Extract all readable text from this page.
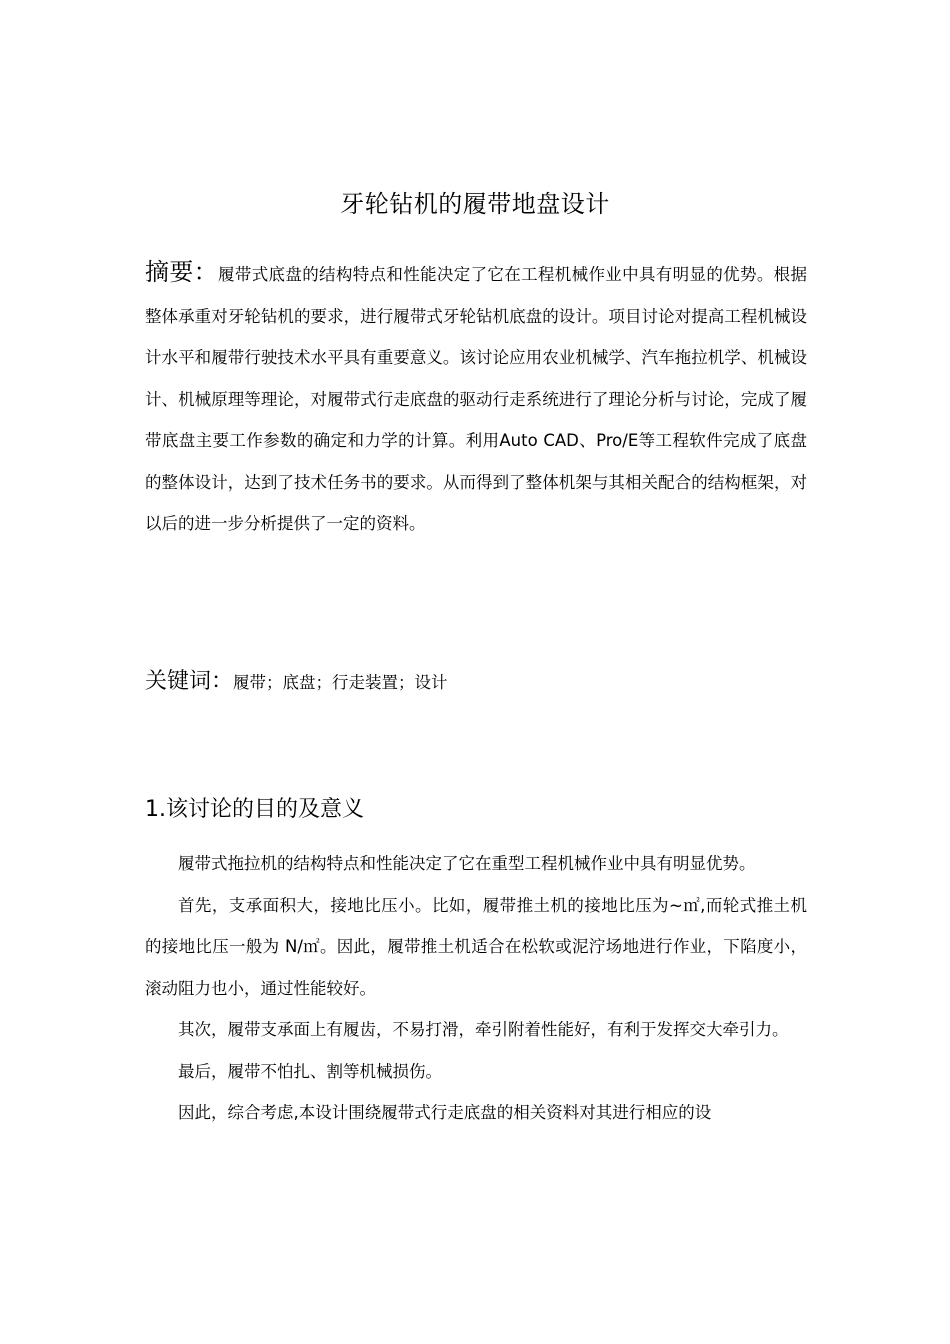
牙轮钻机的履带地盘设计
摘要：履带式底盘的结构特点和性能决定了它在工程机械作业中具有明显的优势。根据整体承重对牙轮钻机的要求，进行履带式牙轮钻机底盘的设计。项目讨论对提高工程机械设计水平和履带行驶技术水平具有重要意义。该讨论应用农业机械学、汽车拖拉机学、机械设计、机械原理等理论，对履带式行走底盘的驱动行走系统进行了理论分析与讨论，完成了履带底盘主要工作参数的确定和力学的计算。利用Auto CAD、Pro/E等工程软件完成了底盘的整体设计，达到了技术任务书的要求。从而得到了整体机架与其相关配合的结构框架，对以后的进一步分析提供了一定的资料。
关键词：履带；底盘；行走装置；设计
1.该讨论的目的及意义

履带式拖拉机的结构特点和性能决定了它在重型工程机械作业中具有明显优势。

首先，支承面积大，接地比压小。比如，履带推土机的接地比压为~㎡,而轮式推土机的接地比压一般为 N/㎡。因此，履带推土机适合在松软或泥泞场地进行作业，下陷度小，滚动阻力也小，通过性能较好。

其次，履带支承面上有履齿，不易打滑，牵引附着性能好，有利于发挥交大牵引力。

最后，履带不怕扎、割等机械损伤。

因此，综合考虑,本设计围绕履带式行走底盘的相关资料对其进行相应的设
